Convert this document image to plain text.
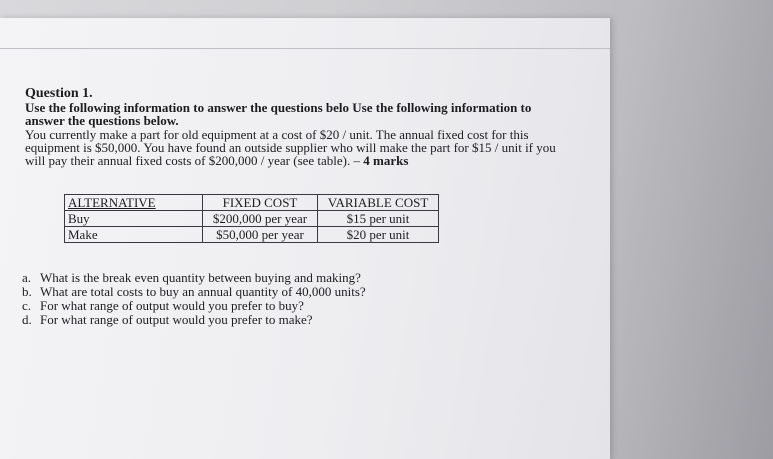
Question 1.
Use the following information to answer the questions belo Use the following information to answer the questions below.
You currently make a part for old equipment at a cost of $20 / unit. The annual fixed cost for this
equipment is $50,000. You have found an outside supplier who will make the part for $15 / unit if you
will pay their annual fixed costs of $200,000 / year (see table). – 4 marks
ALTERNATIVE	FIXED COST	VARIABLE COST
Buy	$200,000 per year	$15 per unit
Make	$50,000 per year	$20 per unit
a. What is the break even quantity between buying and making?
b. What are total costs to buy an annual quantity of 40,000 units?
c. For what range of output would you prefer to buy?
d. For what range of output would you prefer to make?
